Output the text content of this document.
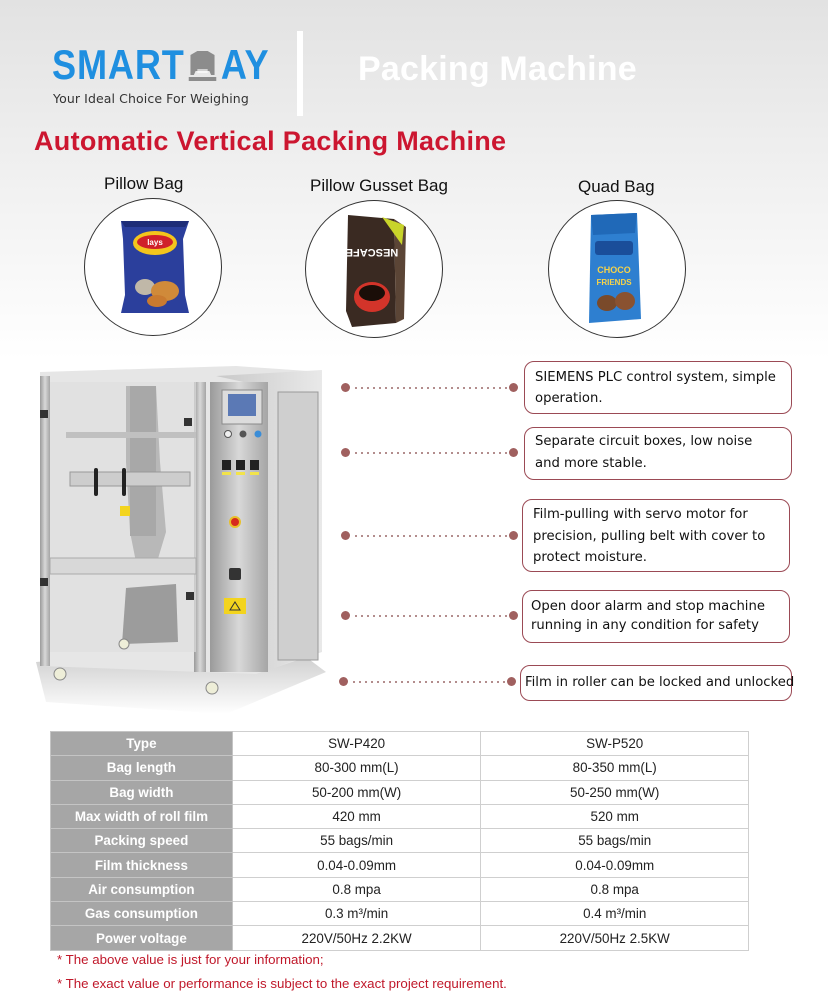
SMART AY
Your Ideal Choice For Weighing
Packing Machine
Automatic Vertical Packing Machine
Pillow Bag
lays
Pillow Gusset Bag
NESCAFE
Quad Bag
CHOCO
FRIENDS
SIEMENS PLC control system, simple operation.
Separate circuit boxes, low noise and more stable.
Film-pulling with servo motor for precision, pulling belt with cover to protect moisture.
Open door alarm and stop machine running in any condition for safety
Film in roller can be locked and unlocked
Type	SW-P420	SW-P520
Bag length	80-300 mm(L)	80-350 mm(L)
Bag width	50-200 mm(W)	50-250 mm(W)
Max width of roll film	420 mm	520 mm
Packing speed	55 bags/min	55 bags/min
Film thickness	0.04-0.09mm	0.04-0.09mm
Air consumption	0.8 mpa	0.8 mpa
Gas consumption	0.3 m³/min	0.4 m³/min
Power voltage	220V/50Hz 2.2KW	220V/50Hz 2.5KW
* The above value is just for your information;
* The exact value or performance is subject to the exact project requirement.
